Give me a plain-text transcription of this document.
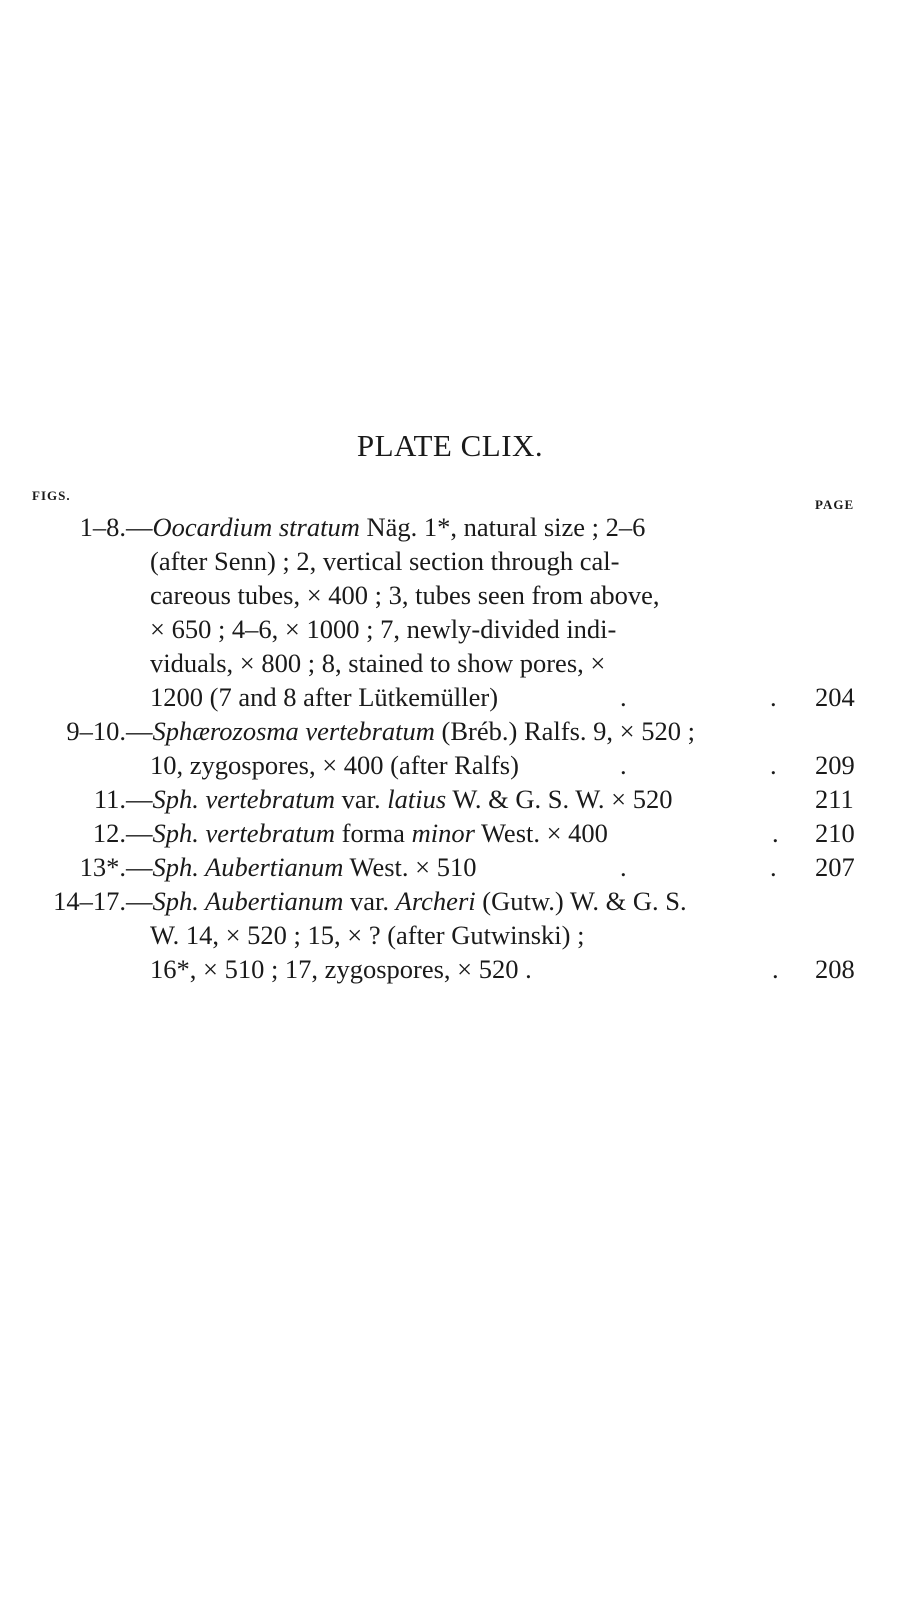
PLATE CLIX.
FIGS.
PAGE
1–8. —Oocardium stratum Näg. 1*, natural size ; 2–6
(after Senn) ; 2, vertical section through cal-
careous tubes, × 400 ; 3, tubes seen from above,
× 650 ; 4–6, × 1000 ; 7, newly-divided indi-
viduals, × 800 ; 8, stained to show pores, ×
1200 (7 and 8 after Lütkemüller)	.	. 204
9–10. —Sphærozosma vertebratum (Bréb.) Ralfs. 9, × 520 ;
10, zygospores, × 400 (after Ralfs)	.	. 209
11. —Sph. vertebratum var. latius W. & G. S. W. × 520	211
12. —Sph. vertebratum forma minor West. × 400	. 210
13*. —Sph. Aubertianum West. × 510	.	. 207
14–17. —Sph. Aubertianum var. Archeri (Gutw.) W. & G. S.
W. 14, × 520 ; 15, × ? (after Gutwinski) ;
16*, × 510 ; 17, zygospores, × 520 .	. 208
